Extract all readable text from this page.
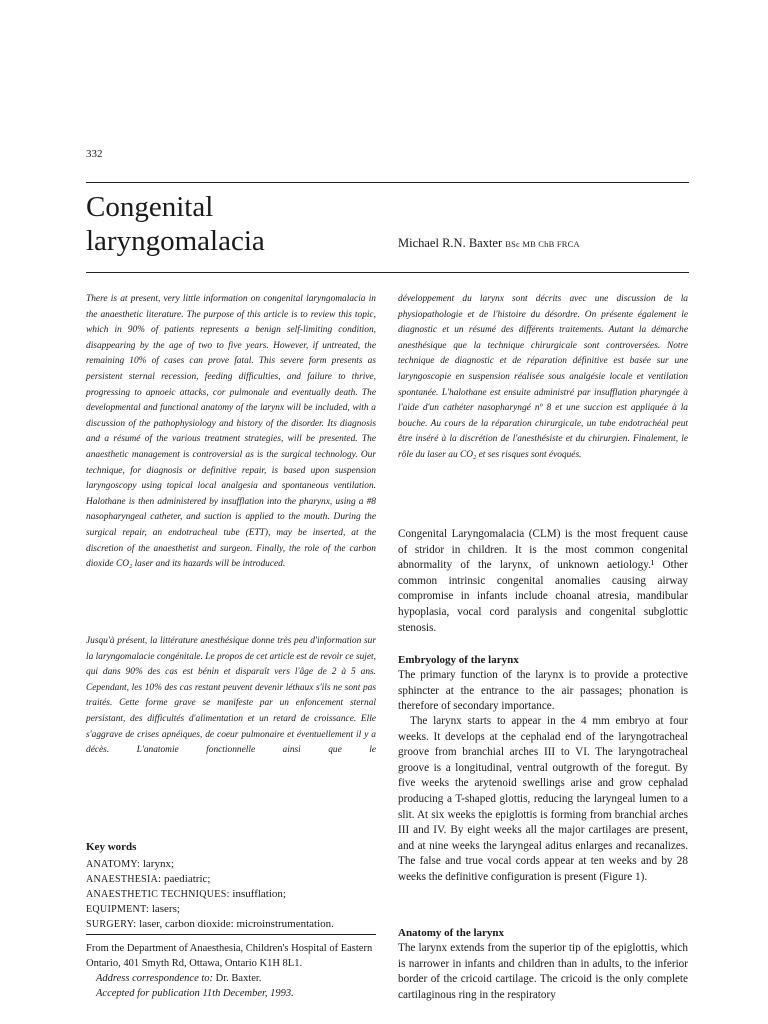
332
Congenital laryngomalacia	Michael R.N. Baxter BSc MB ChB FRCA

There is at present, very little information on congenital laryngomalacia in the anaesthetic literature. The purpose of this article is to review this topic, which in 90% of patients represents a benign self-limiting condition, disappearing by the age of two to five years. However, if untreated, the remaining 10% of cases can prove fatal. This severe form presents as persistent sternal recession, feeding difficulties, and failure to thrive, progressing to apnoeic attacks, cor pulmonale and eventually death. The developmental and functional anatomy of the larynx will be included, with a discussion of the pathophysiology and history of the disorder. Its diagnosis and a résumé of the various treatment strategies, will be presented. The anaesthetic management is controversial as is the surgical technology. Our technique, for diagnosis or definitive repair, is based upon suspension laryngoscopy using topical local analgesia and spontaneous ventilation. Halothane is then administered by insufflation into the pharynx, using a #8 nasopharyngeal catheter, and suction is applied to the mouth. During the surgical repair, an endotracheal tube (ETT), may be inserted, at the discretion of the anaesthetist and surgeon. Finally, the role of the carbon dioxide CO₂ laser and its hazards will be introduced.

Jusqu'à présent, la littérature anesthésique donne très peu d'information sur la laryngomalacie congénitale. Le propos de cet article est de revoir ce sujet, qui dans 90% des cas est bénin et disparaît vers l'âge de 2 à 5 ans. Cependant, les 10% des cas restant peuvent devenir léthaux s'ils ne sont pas traités. Cette forme grave se manifeste par un enfoncement sternal persistant, des difficultés d'alimentation et un retard de croissance. Elle s'aggrave de crises apnéiques, de coeur pulmonaire et éventuellement il y a décès. L'anatomie fonctionnelle ainsi que le

développement du larynx sont décrits avec une discussion de la physiopathologie et de l'histoire du désordre. On présente également le diagnostic et un résumé des différents traitements. Autant la démarche anesthésique que la technique chirurgicale sont controversées. Notre technique de diagnostic et de réparation définitive est basée sur une laryngoscopie en suspension réalisée sous analgésie locale et ventilation spontanée. L'halothane est ensuite administré par insufflation pharyngée à l'aide d'un cathéter nasopharyngé nº 8 et une succion est appliquée à la bouche. Au cours de la réparation chirurgicale, un tube endotrachéal peut être inséré à la discrétion de l'anesthésiste et du chirurgien. Finalement, le rôle du laser au CO₂ et ses risques sont évoqués.

Key words

ANATOMY: larynx;

ANAESTHESIA: paediatric;

ANAESTHETIC TECHNIQUES: insufflation;

EQUIPMENT: lasers;

SURGERY: laser, carbon dioxide: microinstrumentation.

From the Department of Anaesthesia, Children's Hospital of Eastern Ontario, 401 Smyth Rd, Ottawa, Ontario K1H 8L1.

Address correspondence to: Dr. Baxter.

Accepted for publication 11th December, 1993.

Congenital Laryngomalacia (CLM) is the most frequent cause of stridor in children. It is the most common congenital abnormality of the larynx, of unknown aetiology.¹ Other common intrinsic congenital anomalies causing airway compromise in infants include choanal atresia, mandibular hypoplasia, vocal cord paralysis and congenital subglottic stenosis.

Embryology of the larynx

The primary function of the larynx is to provide a protective sphincter at the entrance to the air passages; phonation is therefore of secondary importance.

The larynx starts to appear in the 4 mm embryo at four weeks. It develops at the cephalad end of the laryngotracheal groove from branchial arches III to VI. The laryngotracheal groove is a longitudinal, ventral outgrowth of the foregut. By five weeks the arytenoid swellings arise and grow cephalad producing a T-shaped glottis, reducing the laryngeal lumen to a slit. At six weeks the epiglottis is forming from branchial arches III and IV. By eight weeks all the major cartilages are present, and at nine weeks the laryngeal aditus enlarges and recanalizes. The false and true vocal cords appear at ten weeks and by 28 weeks the definitive configuration is present (Figure 1).

Anatomy of the larynx

The larynx extends from the superior tip of the epiglottis, which is narrower in infants and children than in adults, to the inferior border of the cricoid cartilage. The cricoid is the only complete cartilaginous ring in the respiratory
